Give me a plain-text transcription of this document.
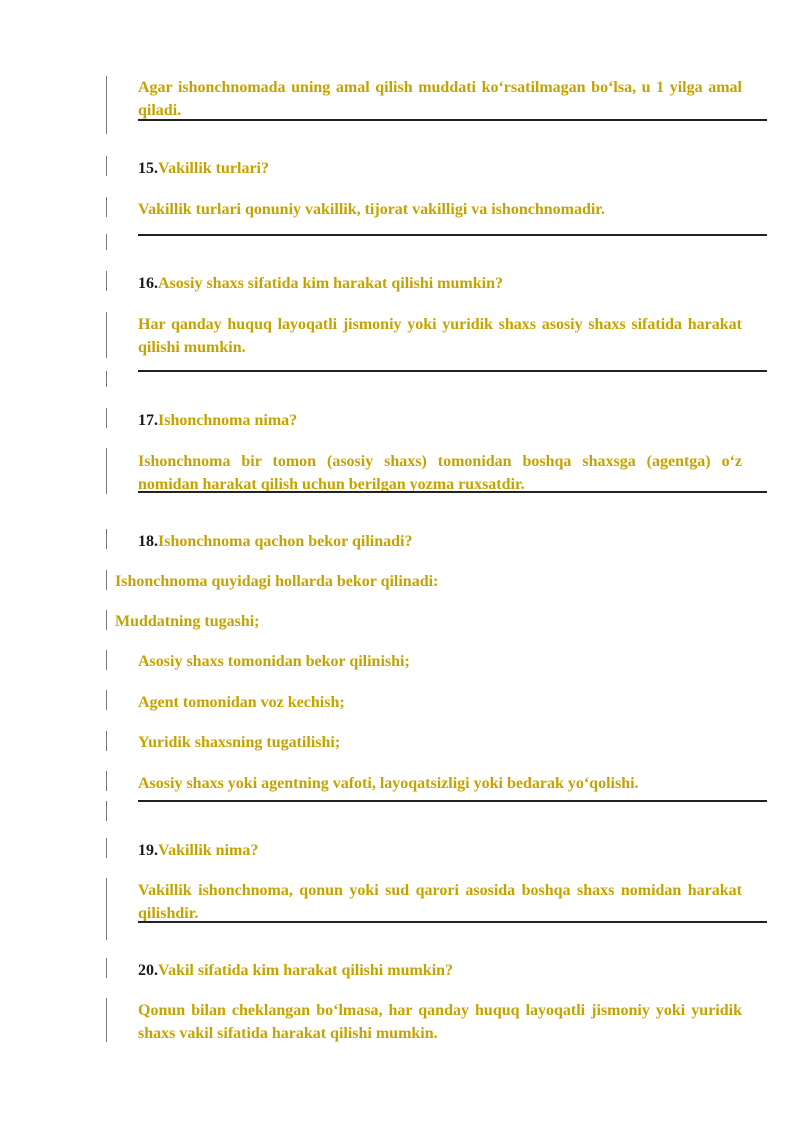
Agar ishonchnomada uning amal qilish muddati ko‘rsatilmagan bo‘lsa, u 1 yilga amal qiladi.
15.Vakillik turlari?
Vakillik turlari qonuniy vakillik, tijorat vakilligi va ishonchnomadir.
16.Asosiy shaxs sifatida kim harakat qilishi mumkin?
Har qanday huquq layoqatli jismoniy yoki yuridik shaxs asosiy shaxs sifatida harakat qilishi mumkin.
17.Ishonchnoma nima?
Ishonchnoma bir tomon (asosiy shaxs) tomonidan boshqa shaxsga (agentga) o‘z nomidan harakat qilish uchun berilgan yozma ruxsatdir.
18.Ishonchnoma qachon bekor qilinadi?
Ishonchnoma quyidagi hollarda bekor qilinadi:
Muddatning tugashi;
Asosiy shaxs tomonidan bekor qilinishi;
Agent tomonidan voz kechish;
Yuridik shaxsning tugatilishi;
Asosiy shaxs yoki agentning vafoti, layoqatsizligi yoki bedarak yo‘qolishi.
19.Vakillik nima?
Vakillik ishonchnoma, qonun yoki sud qarori asosida boshqa shaxs nomidan harakat qilishdir.
20.Vakil sifatida kim harakat qilishi mumkin?
Qonun bilan cheklangan bo‘lmasa, har qanday huquq layoqatli jismoniy yoki yuridik shaxs vakil sifatida harakat qilishi mumkin.
